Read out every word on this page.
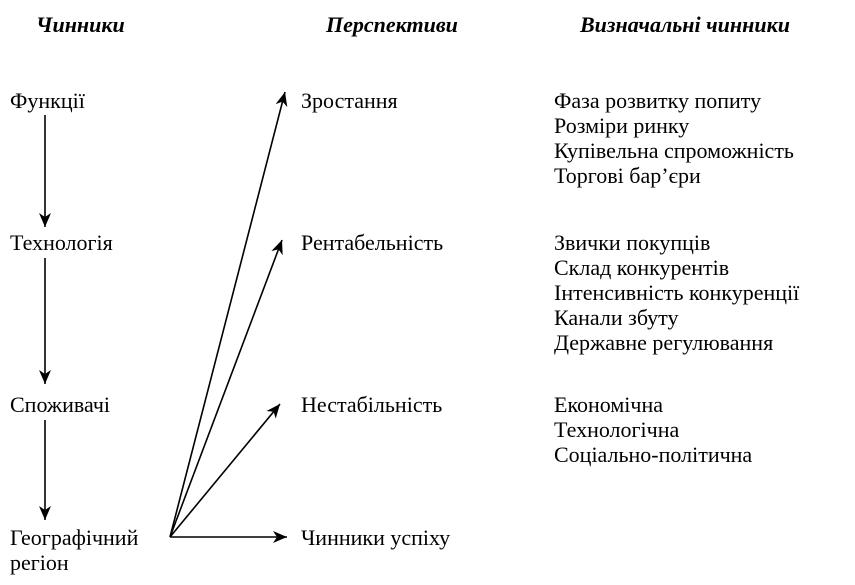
Чинники	Перспективи	Визначальні чинники
Функції
Технологія
Споживачі
Географічний
регіон
Зростання
Рентабельність
Нестабільність
Чинники успіху
Фаза розвитку попиту
Розміри ринку
Купівельна спроможність
Торгові бар’єри
Звички покупців
Склад конкурентів
Інтенсивність конкуренції
Канали збуту
Державне регулювання
Економічна
Технологічна
Соціально-політична
